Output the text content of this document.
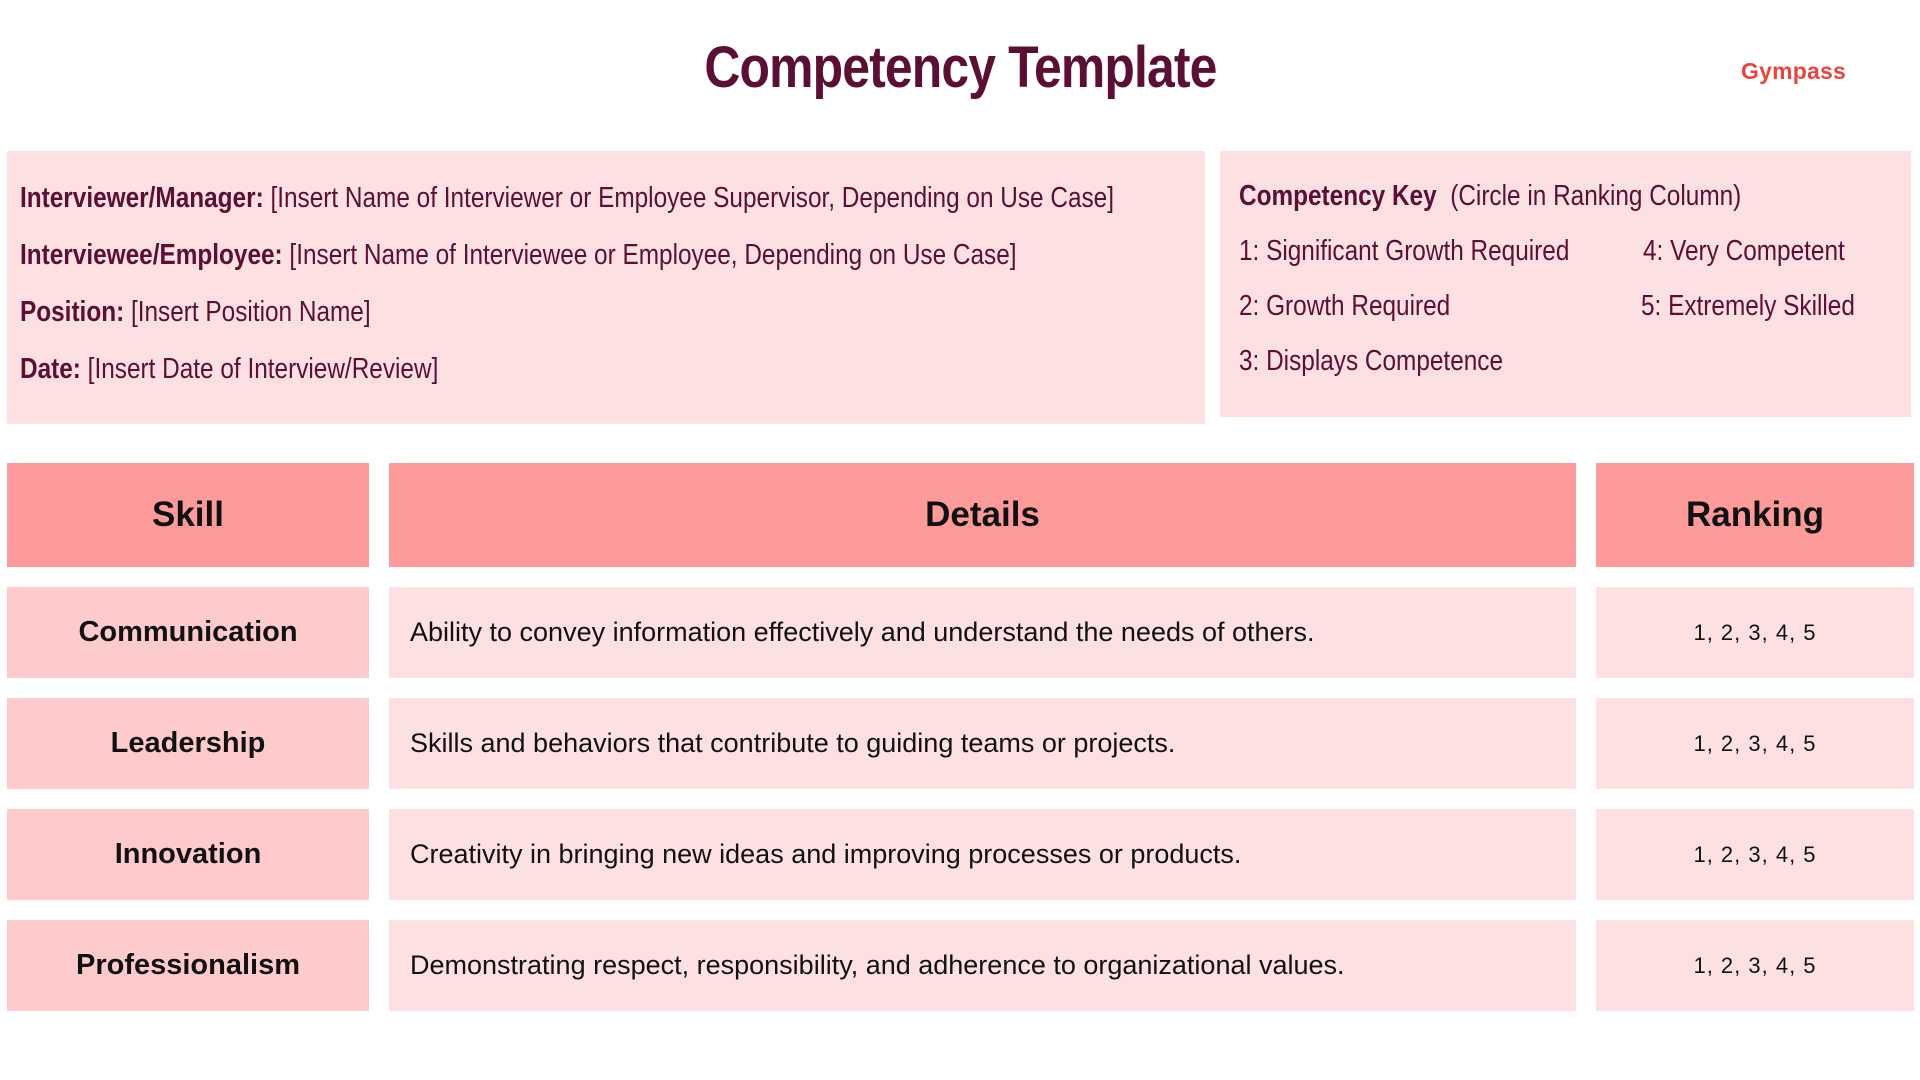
Competency Template	Gympass
Interviewer/Manager: [Insert Name of Interviewer or Employee Supervisor, Depending on Use Case]
Interviewee/Employee: [Insert Name of Interviewee or Employee, Depending on Use Case]
Position: [Insert Position Name]
Date: [Insert Date of Interview/Review]
Competency Key (Circle in Ranking Column)
1: Significant Growth Required
2: Growth Required
3: Displays Competence
4: Very Competent
5: Extremely Skilled
Skill	Details	Ranking
Communication	Ability to convey information effectively and understand the needs of others.	1, 2, 3, 4, 5
Leadership	Skills and behaviors that contribute to guiding teams or projects.	1, 2, 3, 4, 5
Innovation	Creativity in bringing new ideas and improving processes or products.	1, 2, 3, 4, 5
Professionalism	Demonstrating respect, responsibility, and adherence to organizational values.	1, 2, 3, 4, 5
